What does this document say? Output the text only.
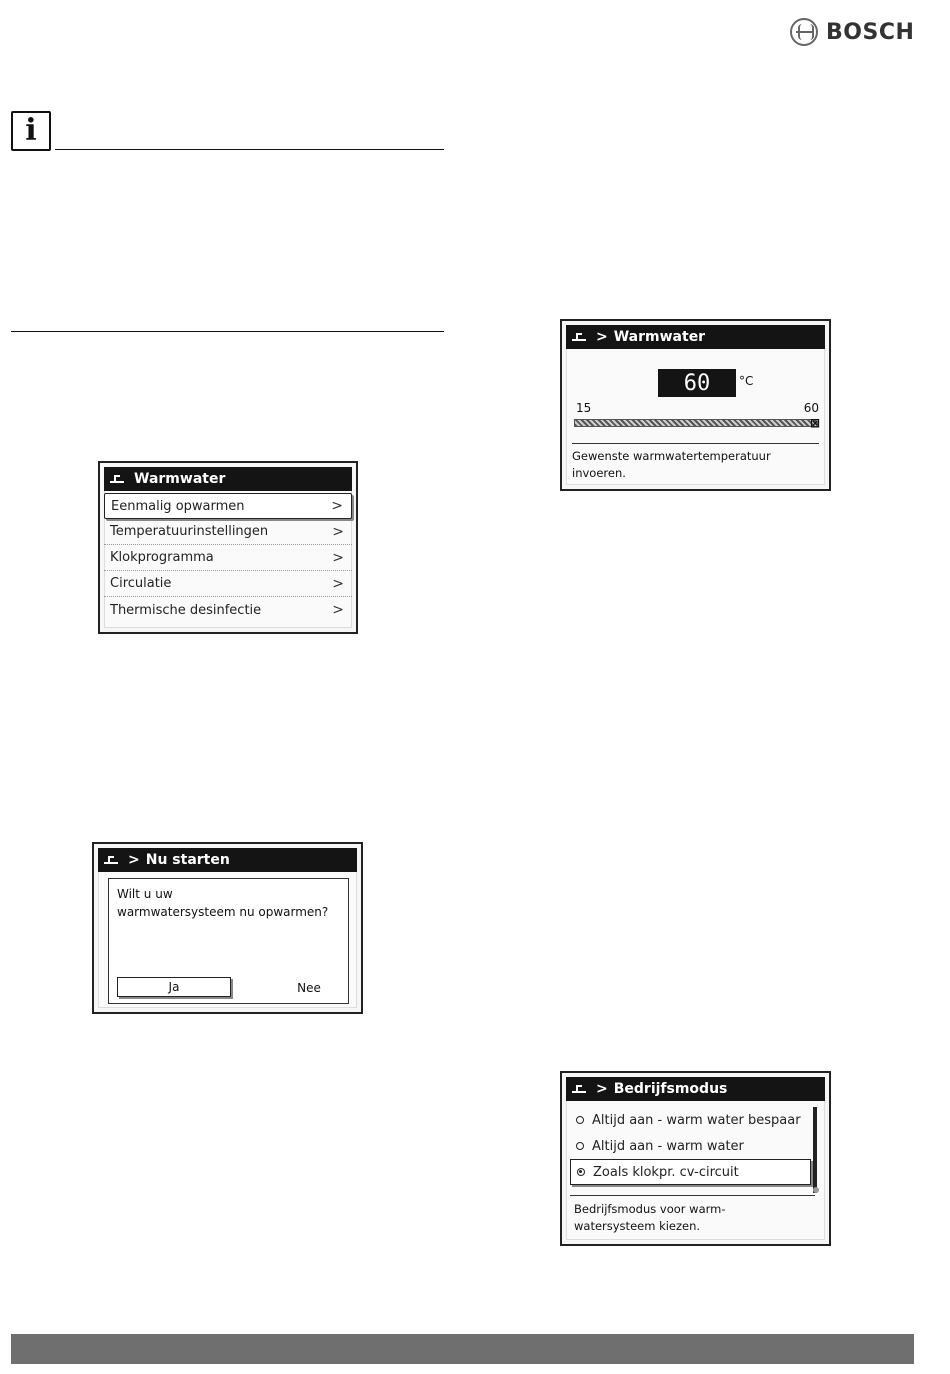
BOSCH
i
Warmwater
Eenmalig opwarmen	>
Temperatuurinstellingen	>
Klokprogramma	>
Circulatie	>
Thermische desinfectie	>
> Nu starten
Wilt u uw
warmwatersysteem nu opwarmen?
Ja	Nee
> Warmwater
60	°C
15	60
⊠
Gewenste warmwatertemperatuur
invoeren.
> Bedrijfsmodus
Altijd aan - warm water bespaar
Altijd aan - warm water
Zoals klokpr. cv-circuit
Bedrijfsmodus voor warm-
watersysteem kiezen.
